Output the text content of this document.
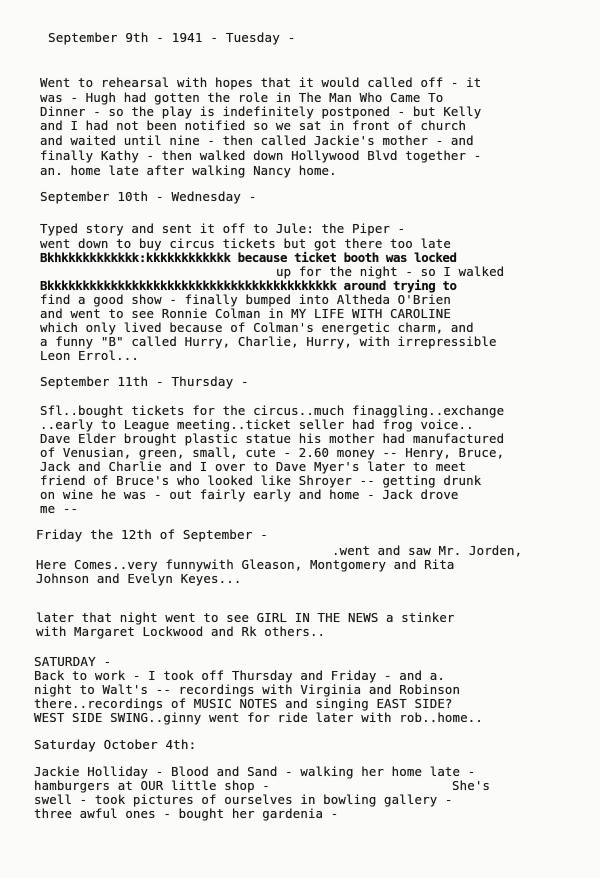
September 9th - 1941 - Tuesday -
Went to rehearsal with hopes that it would called off - it
was - Hugh had gotten the role in The Man Who Came To
Dinner - so the play is indefinitely postponed - but Kelly
and I had not been notified so we sat in front of church
and waited until nine - then called Jackie's mother - and
finally Kathy - then walked down Hollywood Blvd together -
an. home late after walking Nancy home.
September 10th - Wednesday -
Typed story and sent it off to Jule: the Piper -
went down to buy circus tickets but got there too late
Bkhkkkkkkkkkkk:kkkkkkkkkkkk because ticket booth was locked
up for the night - so I walked
Bkkkkkkkkkkkkkkkkkkkkkkkkkkkkkkkkkkkkkkkkk around trying to
find a good show - finally bumped into Altheda O'Brien
and went to see Ronnie Colman in MY LIFE WITH CAROLINE
which only lived because of Colman's energetic charm, and
a funny "B" called Hurry, Charlie, Hurry, with irrepressible
Leon Errol...
September 11th - Thursday -
Sfl..bought tickets for the circus..much finaggling..exchange
..early to League meeting..ticket seller had frog voice..
Dave Elder brought plastic statue his mother had manufactured
of Venusian, green, small, cute - 2.60 money -- Henry, Bruce,
Jack and Charlie and I over to Dave Myer's later to meet
friend of Bruce's who looked like Shroyer -- getting drunk
on wine he was - out fairly early and home - Jack drove
me --
Friday the 12th of September -
.went and saw Mr. Jorden,
Here Comes..very funnywith Gleason, Montgomery and Rita
Johnson and Evelyn Keyes...
later that night went to see GIRL IN THE NEWS a stinker
with Margaret Lockwood and Rk others..
SATURDAY -
Back to work - I took off Thursday and Friday - and a.
night to Walt's -- recordings with Virginia and Robinson
there..recordings of MUSIC NOTES and singing EAST SIDE?
WEST SIDE SWING..ginny went for ride later with rob..home..
Saturday October 4th:
Jackie Holliday - Blood and Sand - walking her home late -
hamburgers at OUR little shop -	She's
swell - took pictures of ourselves in bowling gallery -
three awful ones - bought her gardenia -
